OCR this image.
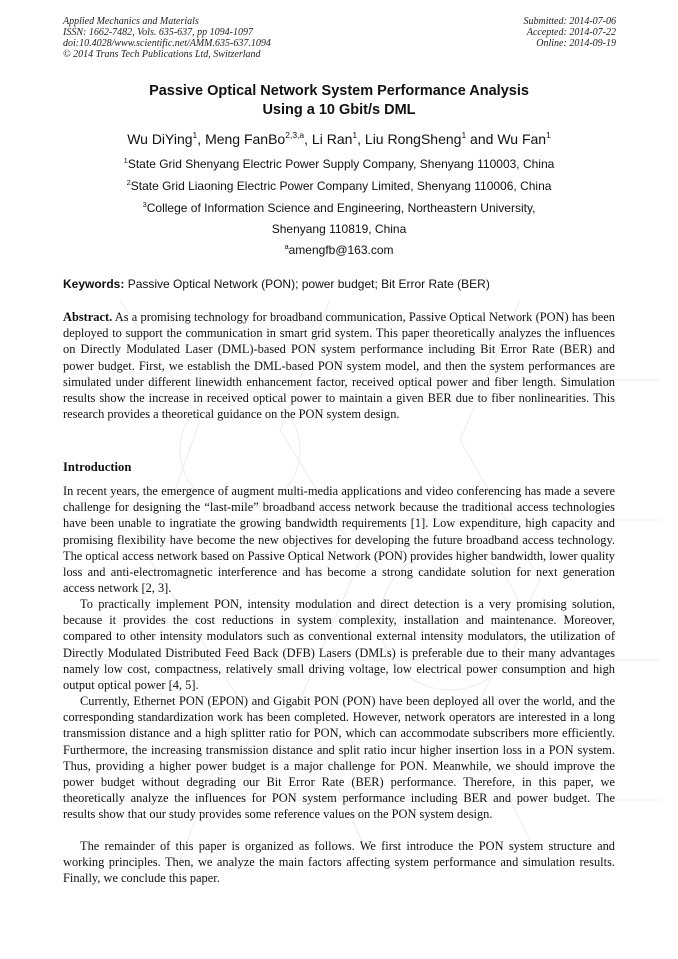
Applied Mechanics and Materials
ISSN: 1662-7482, Vols. 635-637, pp 1094-1097
doi:10.4028/www.scientific.net/AMM.635-637.1094
© 2014 Trans Tech Publications Ltd, Switzerland
Submitted: 2014-07-06
Accepted: 2014-07-22
Online: 2014-09-19
Passive Optical Network System Performance Analysis
Using a 10 Gbit/s DML
Wu DiYing$^1$, Meng FanBo$^{2,3,a}$, Li Ran$^1$, Liu RongSheng$^1$ and Wu Fan$^1$
$^1$State Grid Shenyang Electric Power Supply Company, Shenyang 110003, China
$^2$State Grid Liaoning Electric Power Company Limited, Shenyang 110006, China
$^3$College of Information Science and Engineering, Northeastern University,
Shenyang 110819, China
$^a$amengfb@163.com
Keywords: Passive Optical Network (PON); power budget; Bit Error Rate (BER)

Abstract. As a promising technology for broadband communication, Passive Optical Network (PON) has been deployed to support the communication in smart grid system. This paper theoretically analyzes the influences on Directly Modulated Laser (DML)-based PON system performance including Bit Error Rate (BER) and power budget. First, we establish the DML-based PON system model, and then the system performances are simulated under different linewidth enhancement factor, received optical power and fiber length. Simulation results show the increase in received optical power to maintain a given BER due to fiber nonlinearities. This research provides a theoretical guidance on the PON system design.

Introduction

In recent years, the emergence of augment multi-media applications and video conferencing has made a severe challenge for designing the “last-mile” broadband access network because the traditional access technologies have been unable to ingratiate the growing bandwidth requirements [1]. Low expenditure, high capacity and promising flexibility have become the new objectives for developing the future broadband access technology. The optical access network based on Passive Optical Network (PON) provides higher bandwidth, lower quality loss and anti-electromagnetic interference and has become a strong candidate solution for next generation access network [2, 3].

To practically implement PON, intensity modulation and direct detection is a very promising solution, because it provides the cost reductions in system complexity, installation and maintenance. Moreover, compared to other intensity modulators such as conventional external intensity modulators, the utilization of Directly Modulated Distributed Feed Back (DFB) Lasers (DMLs) is preferable due to their many advantages namely low cost, compactness, relatively small driving voltage, low electrical power consumption and high output optical power [4, 5].

Currently, Ethernet PON (EPON) and Gigabit PON (PON) have been deployed all over the world, and the corresponding standardization work has been completed. However, network operators are interested in a long transmission distance and a high splitter ratio for PON, which can accommodate subscribers more efficiently. Furthermore, the increasing transmission distance and split ratio incur higher insertion loss in a PON system. Thus, providing a higher power budget is a major challenge for PON. Meanwhile, we should improve the power budget without degrading our Bit Error Rate (BER) performance. Therefore, in this paper, we theoretically analyze the influences for PON system performance including BER and power budget. The results show that our study provides some reference values on the PON system design.

The remainder of this paper is organized as follows. We first introduce the PON system structure and working principles. Then, we analyze the main factors affecting system performance and simulation results. Finally, we conclude this paper.
